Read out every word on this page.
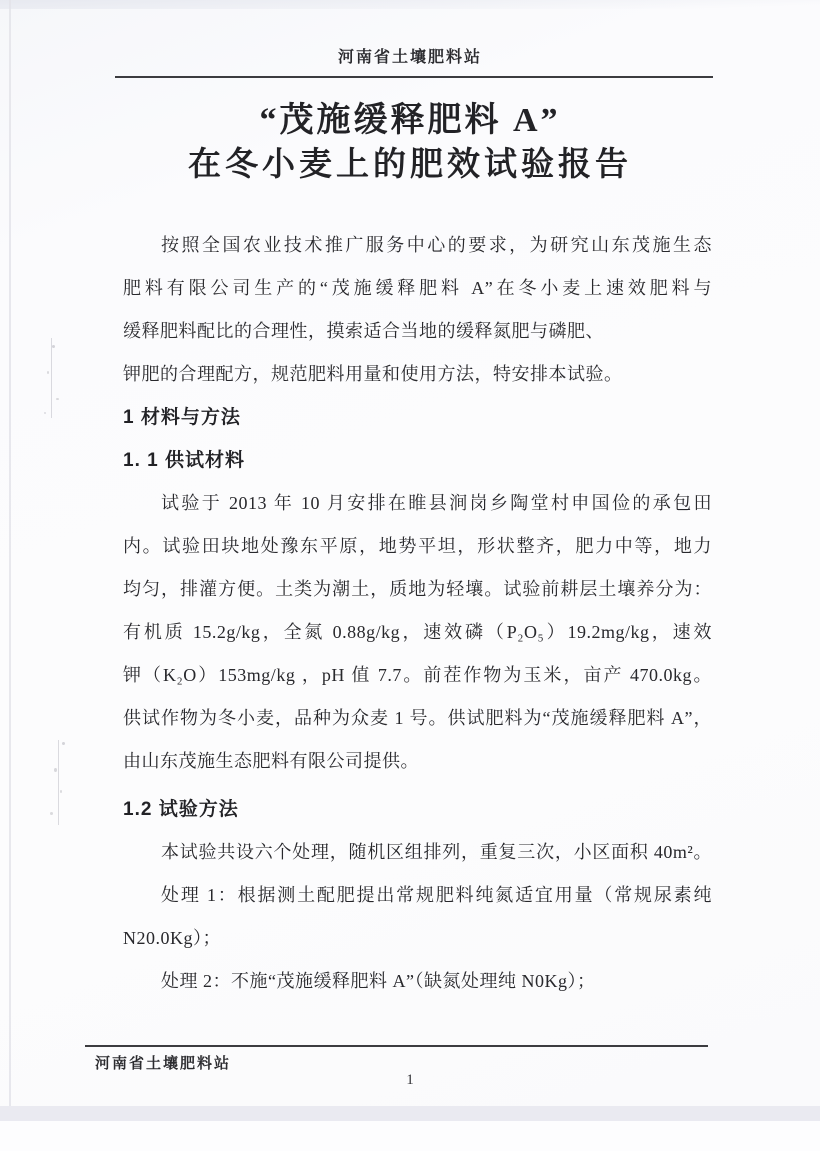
河南省土壤肥料站
“茂施缓释肥料 A”
在冬小麦上的肥效试验报告
按照全国农业技术推广服务中心的要求，为研究山东茂施生态
肥料有限公司生产的“茂施缓释肥料 A”在冬小麦上速效肥料与
缓释肥料配比的合理性，摸索适合当地的缓释氮肥与磷肥、
钾肥的合理配方，规范肥料用量和使用方法，特安排本试验。
1 材料与方法
1. 1 供试材料
试验于 2013 年 10 月安排在睢县涧岗乡陶堂村申国俭的承包田
内。试验田块地处豫东平原，地势平坦，形状整齐，肥力中等，地力
均匀，排灌方便。土类为潮土，质地为轻壤。试验前耕层土壤养分为：
有机质 15.2g/kg，全氮 0.88g/kg，速效磷（P₂O₅）19.2mg/kg，速效
钾（K₂O）153mg/kg ，pH 值 7.7。前茬作物为玉米，亩产 470.0kg。
供试作物为冬小麦，品种为众麦 1 号。供试肥料为“茂施缓释肥料 A”，
由山东茂施生态肥料有限公司提供。
1.2 试验方法
本试验共设六个处理，随机区组排列，重复三次，小区面积 40m²。
处理 1：根据测土配肥提出常规肥料纯氮适宜用量（常规尿素纯
N20.0Kg）；
处理 2：不施“茂施缓释肥料 A”（缺氮处理纯 N0Kg）；
河南省土壤肥料站
1
